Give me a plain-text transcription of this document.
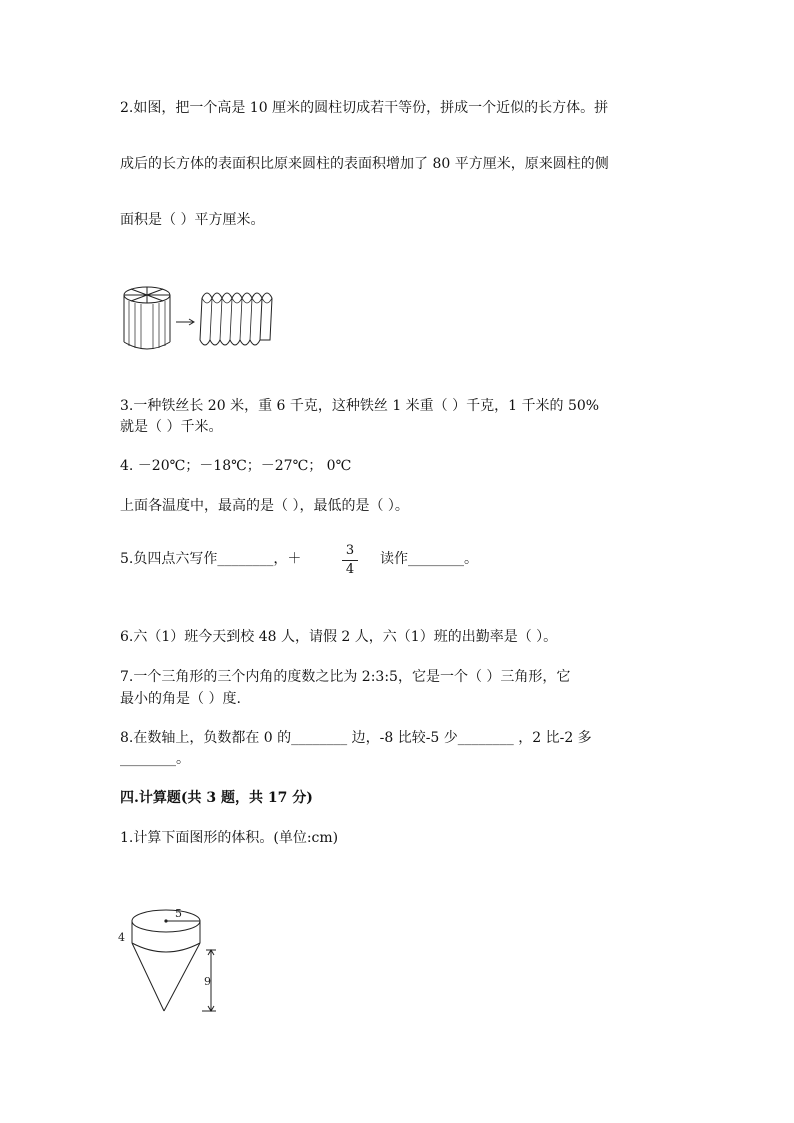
2.如图，把一个高是 10 厘米的圆柱切成若干等份，拼成一个近似的长方体。拼
成后的长方体的表面积比原来圆柱的表面积增加了 80 平方厘米，原来圆柱的侧
面积是（ ）平方厘米。
3.一种铁丝长 20 米，重 6 千克，这种铁丝 1 米重（ ）千克，1 千米的 50%
就是（ ）千米。
4. －20℃；－18℃；－27℃； 0℃
上面各温度中，最高的是（ ），最低的是（ ）。
5.负四点六写作________，＋
3
4
读作________。
6.六（1）班今天到校 48 人，请假 2 人，六（1）班的出勤率是（ ）。
7.一个三角形的三个内角的度数之比为 2:3:5，它是一个（ ）三角形，它
最小的角是（ ）度.
8.在数轴上，负数都在 0 的________ 边，-8 比较-5 少________ ，2 比-2 多
________。
四.计算题(共 3 题，共 17 分)
1.计算下面图形的体积。(单位:cm)
5
4
9
